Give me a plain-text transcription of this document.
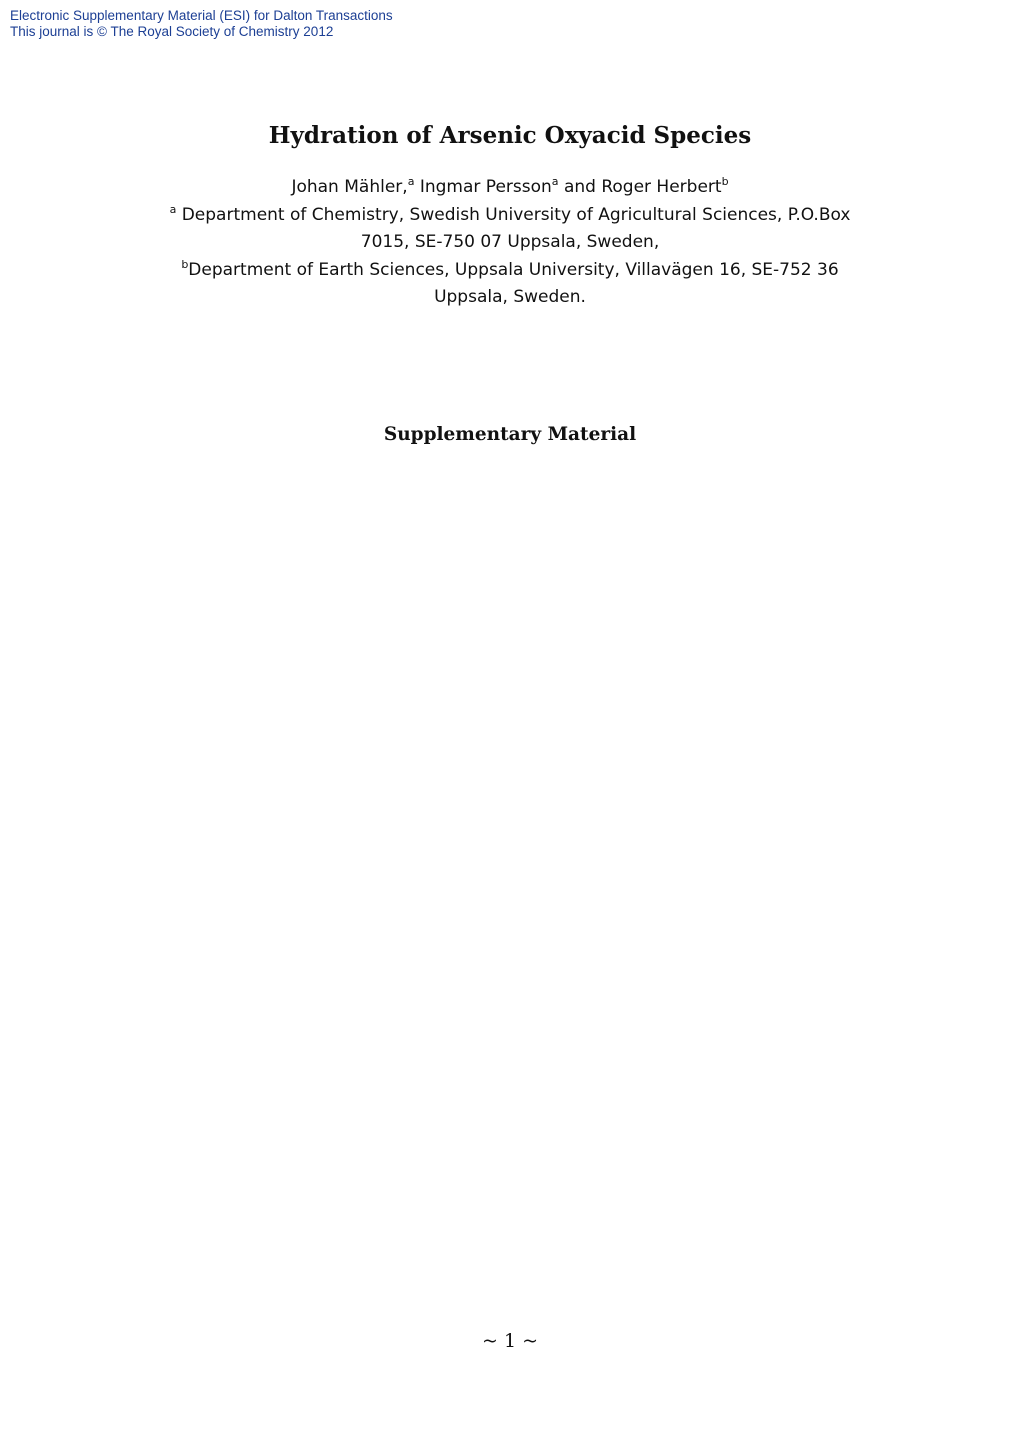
Electronic Supplementary Material (ESI) for Dalton Transactions
This journal is © The Royal Society of Chemistry 2012
Hydration of Arsenic Oxyacid Species
Johan Mähler,$^a$ Ingmar Persson$^a$ and Roger Herbert$^b$
$^a$ Department of Chemistry, Swedish University of Agricultural Sciences, P.O.Box
7015, SE-750 07 Uppsala, Sweden,
$^b$Department of Earth Sciences, Uppsala University, Villavägen 16, SE-752 36
Uppsala, Sweden.
Supplementary Material
~ 1 ~
